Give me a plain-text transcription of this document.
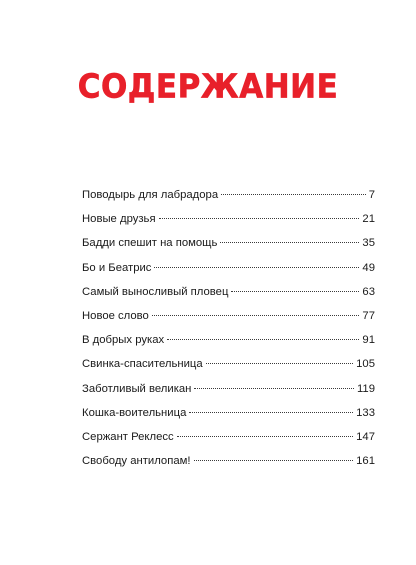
СОДЕРЖАНИЕ
Поводырь для лабрадора	7
Новые друзья	21
Бадди спешит на помощь	35
Бо и Беатрис	49
Самый выносливый пловец	63
Новое слово	77
В добрых руках	91
Свинка-спасительница	105
Заботливый великан	119
Кошка-воительница	133
Сержант Реклесс	147
Свободу антилопам!	161
